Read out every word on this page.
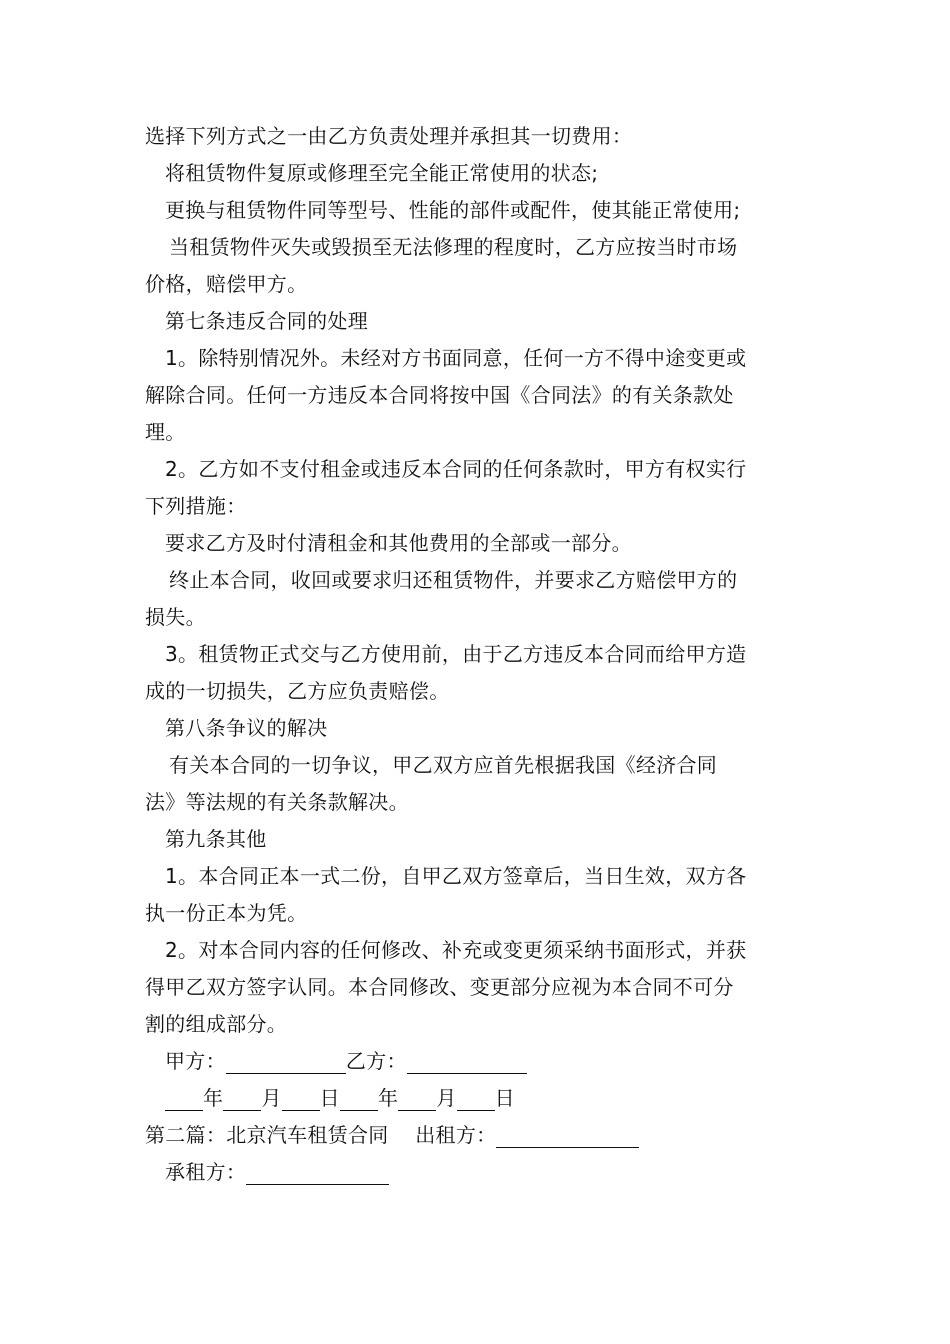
选择下列方式之一由乙方负责处理并承担其一切费用：

将租赁物件复原或修理至完全能正常使用的状态;

更换与租赁物件同等型号、性能的部件或配件，使其能正常使用;

当租赁物件灭失或毁损至无法修理的程度时，乙方应按当时市场

价格，赔偿甲方。

第七条违反合同的处理

1。除特别情况外。未经对方书面同意，任何一方不得中途变更或

解除合同。任何一方违反本合同将按中国《合同法》的有关条款处

理。

2。乙方如不支付租金或违反本合同的任何条款时，甲方有权实行

下列措施：

要求乙方及时付清租金和其他费用的全部或一部分。

终止本合同，收回或要求归还租赁物件，并要求乙方赔偿甲方的

损失。

3。租赁物正式交与乙方使用前，由于乙方违反本合同而给甲方造

成的一切损失，乙方应负责赔偿。

第八条争议的解决

有关本合同的一切争议，甲乙双方应首先根据我国《经济合同

法》等法规的有关条款解决。

第九条其他

1。本合同正本一式二份，自甲乙双方签章后，当日生效，双方各

执一份正本为凭。

2。对本合同内容的任何修改、补充或变更须采纳书面形式，并获

得甲乙双方签字认同。本合同修改、变更部分应视为本合同不可分

割的组成部分。

甲方：	乙方：

年 月 日 年 月 日

第二篇：北京汽车租赁合同 出租方：

承租方：
